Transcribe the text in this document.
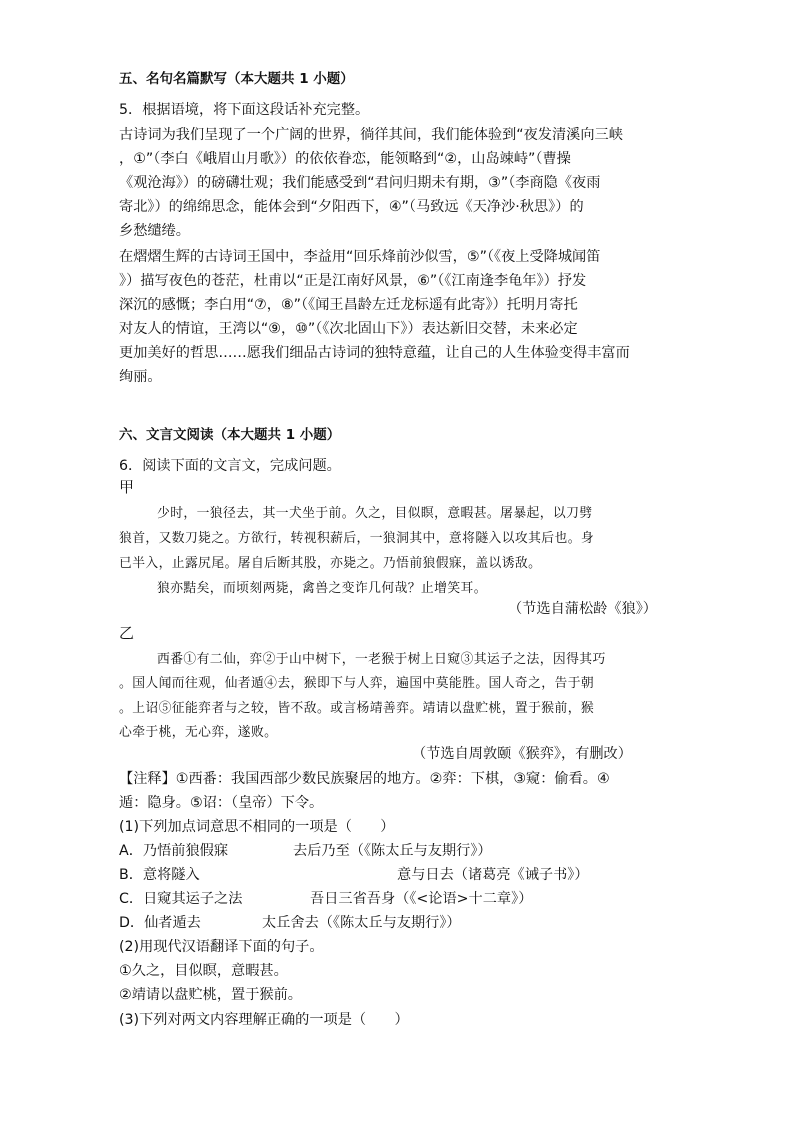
五、名句名篇默写（本大题共 1 小题）
5．根据语境，将下面这段话补充完整。
古诗词为我们呈现了一个广阔的世界，徜徉其间，我们能体验到“夜发清溪向三峡
，①”（李白《峨眉山月歌》）的依依眷恋，能领略到“②，山岛竦峙”（曹操
《观沧海》）的磅礴壮观；我们能感受到“君问归期未有期，③”（李商隐《夜雨
寄北》）的绵绵思念，能体会到“夕阳西下，④”（马致远《天净沙·秋思》）的
乡愁缱绻。
在熠熠生辉的古诗词王国中，李益用“回乐烽前沙似雪，⑤”（《夜上受降城闻笛
》）描写夜色的苍茫，杜甫以“正是江南好风景，⑥”（《江南逢李龟年》）抒发
深沉的感慨；李白用“⑦，⑧”（《闻王昌龄左迁龙标遥有此寄》）托明月寄托
对友人的情谊，王湾以“⑨，⑩”（《次北固山下》）表达新旧交替，未来必定
更加美好的哲思……愿我们细品古诗词的独特意蕴，让自己的人生体验变得丰富而
绚丽。
六、文言文阅读（本大题共 1 小题）
6．阅读下面的文言文，完成问题。
甲
少时，一狼径去，其一犬坐于前。久之，目似瞑，意暇甚。屠暴起，以刀劈
狼首，又数刀毙之。方欲行，转视积薪后，一狼洞其中，意将隧入以攻其后也。身
已半入，止露尻尾。屠自后断其股，亦毙之。乃悟前狼假寐，盖以诱敌。
狼亦黠矣，而顷刻两毙，禽兽之变诈几何哉？止增笑耳。
（节选自蒲松龄《狼》）
乙
西番①有二仙，弈②于山中树下，一老猴于树上日窥③其运子之法，因得其巧
。国人闻而往观，仙者遁④去，猴即下与人弈，遍国中莫能胜。国人奇之，告于朝
。上诏⑤征能弈者与之较，皆不敌。或言杨靖善弈。靖请以盘贮桃，置于猴前，猴
心牵于桃，无心弈，遂败。
（节选自周敦颐《猴弈》，有删改）
【注释】①西番：我国西部少数民族聚居的地方。②弈：下棋，③窥：偷看。④
遁：隐身。⑤诏：（皇帝）下令。
(1)下列加点词意思不相同的一项是（　　）
A．乃悟前狼假寐	去后乃至（《陈太丘与友期行》）
B．意将隧入	意与日去（诸葛亮《诫子书》）
C．日窥其运子之法	吾日三省吾身（《<论语>十二章》）
D．仙者遁去	太丘舍去（《陈太丘与友期行》）
(2)用现代汉语翻译下面的句子。
①久之，目似瞑，意暇甚。
②靖请以盘贮桃，置于猴前。
(3)下列对两文内容理解正确的一项是（　　）
